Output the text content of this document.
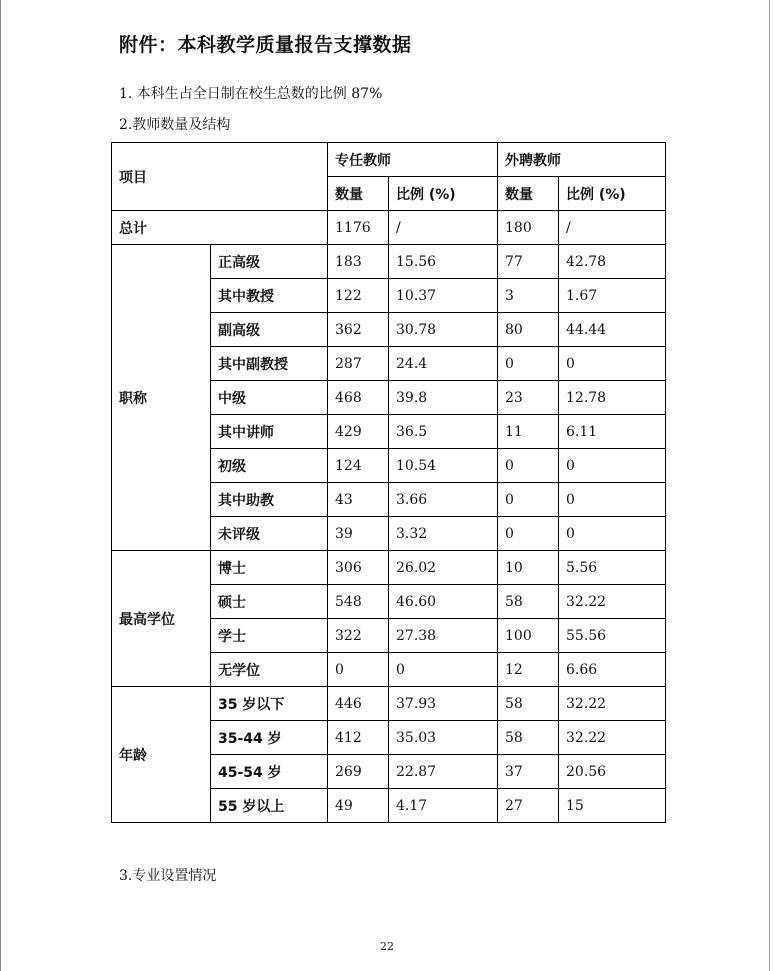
附件：本科教学质量报告支撑数据
1. 本科生占全日制在校生总数的比例 87%
2.教师数量及结构
项目		专任教师		外聘教师	
		数量	比例 (%)	数量	比例 (%)
总计		1176	/	180	/
职称	正高级	183	15.56	77	42.78
	其中教授	122	10.37	3	1.67
	副高级	362	30.78	80	44.44
	其中副教授	287	24.4	0	0
	中级	468	39.8	23	12.78
	其中讲师	429	36.5	11	6.11
	初级	124	10.54	0	0
	其中助教	43	3.66	0	0
	未评级	39	3.32	0	0
最高学位	博士	306	26.02	10	5.56
	硕士	548	46.60	58	32.22
	学士	322	27.38	100	55.56
	无学位	0	0	12	6.66
年龄	35 岁以下	446	37.93	58	32.22
	35-44 岁	412	35.03	58	32.22
	45-54 岁	269	22.87	37	20.56
	55 岁以上	49	4.17	27	15
3.专业设置情况
22
